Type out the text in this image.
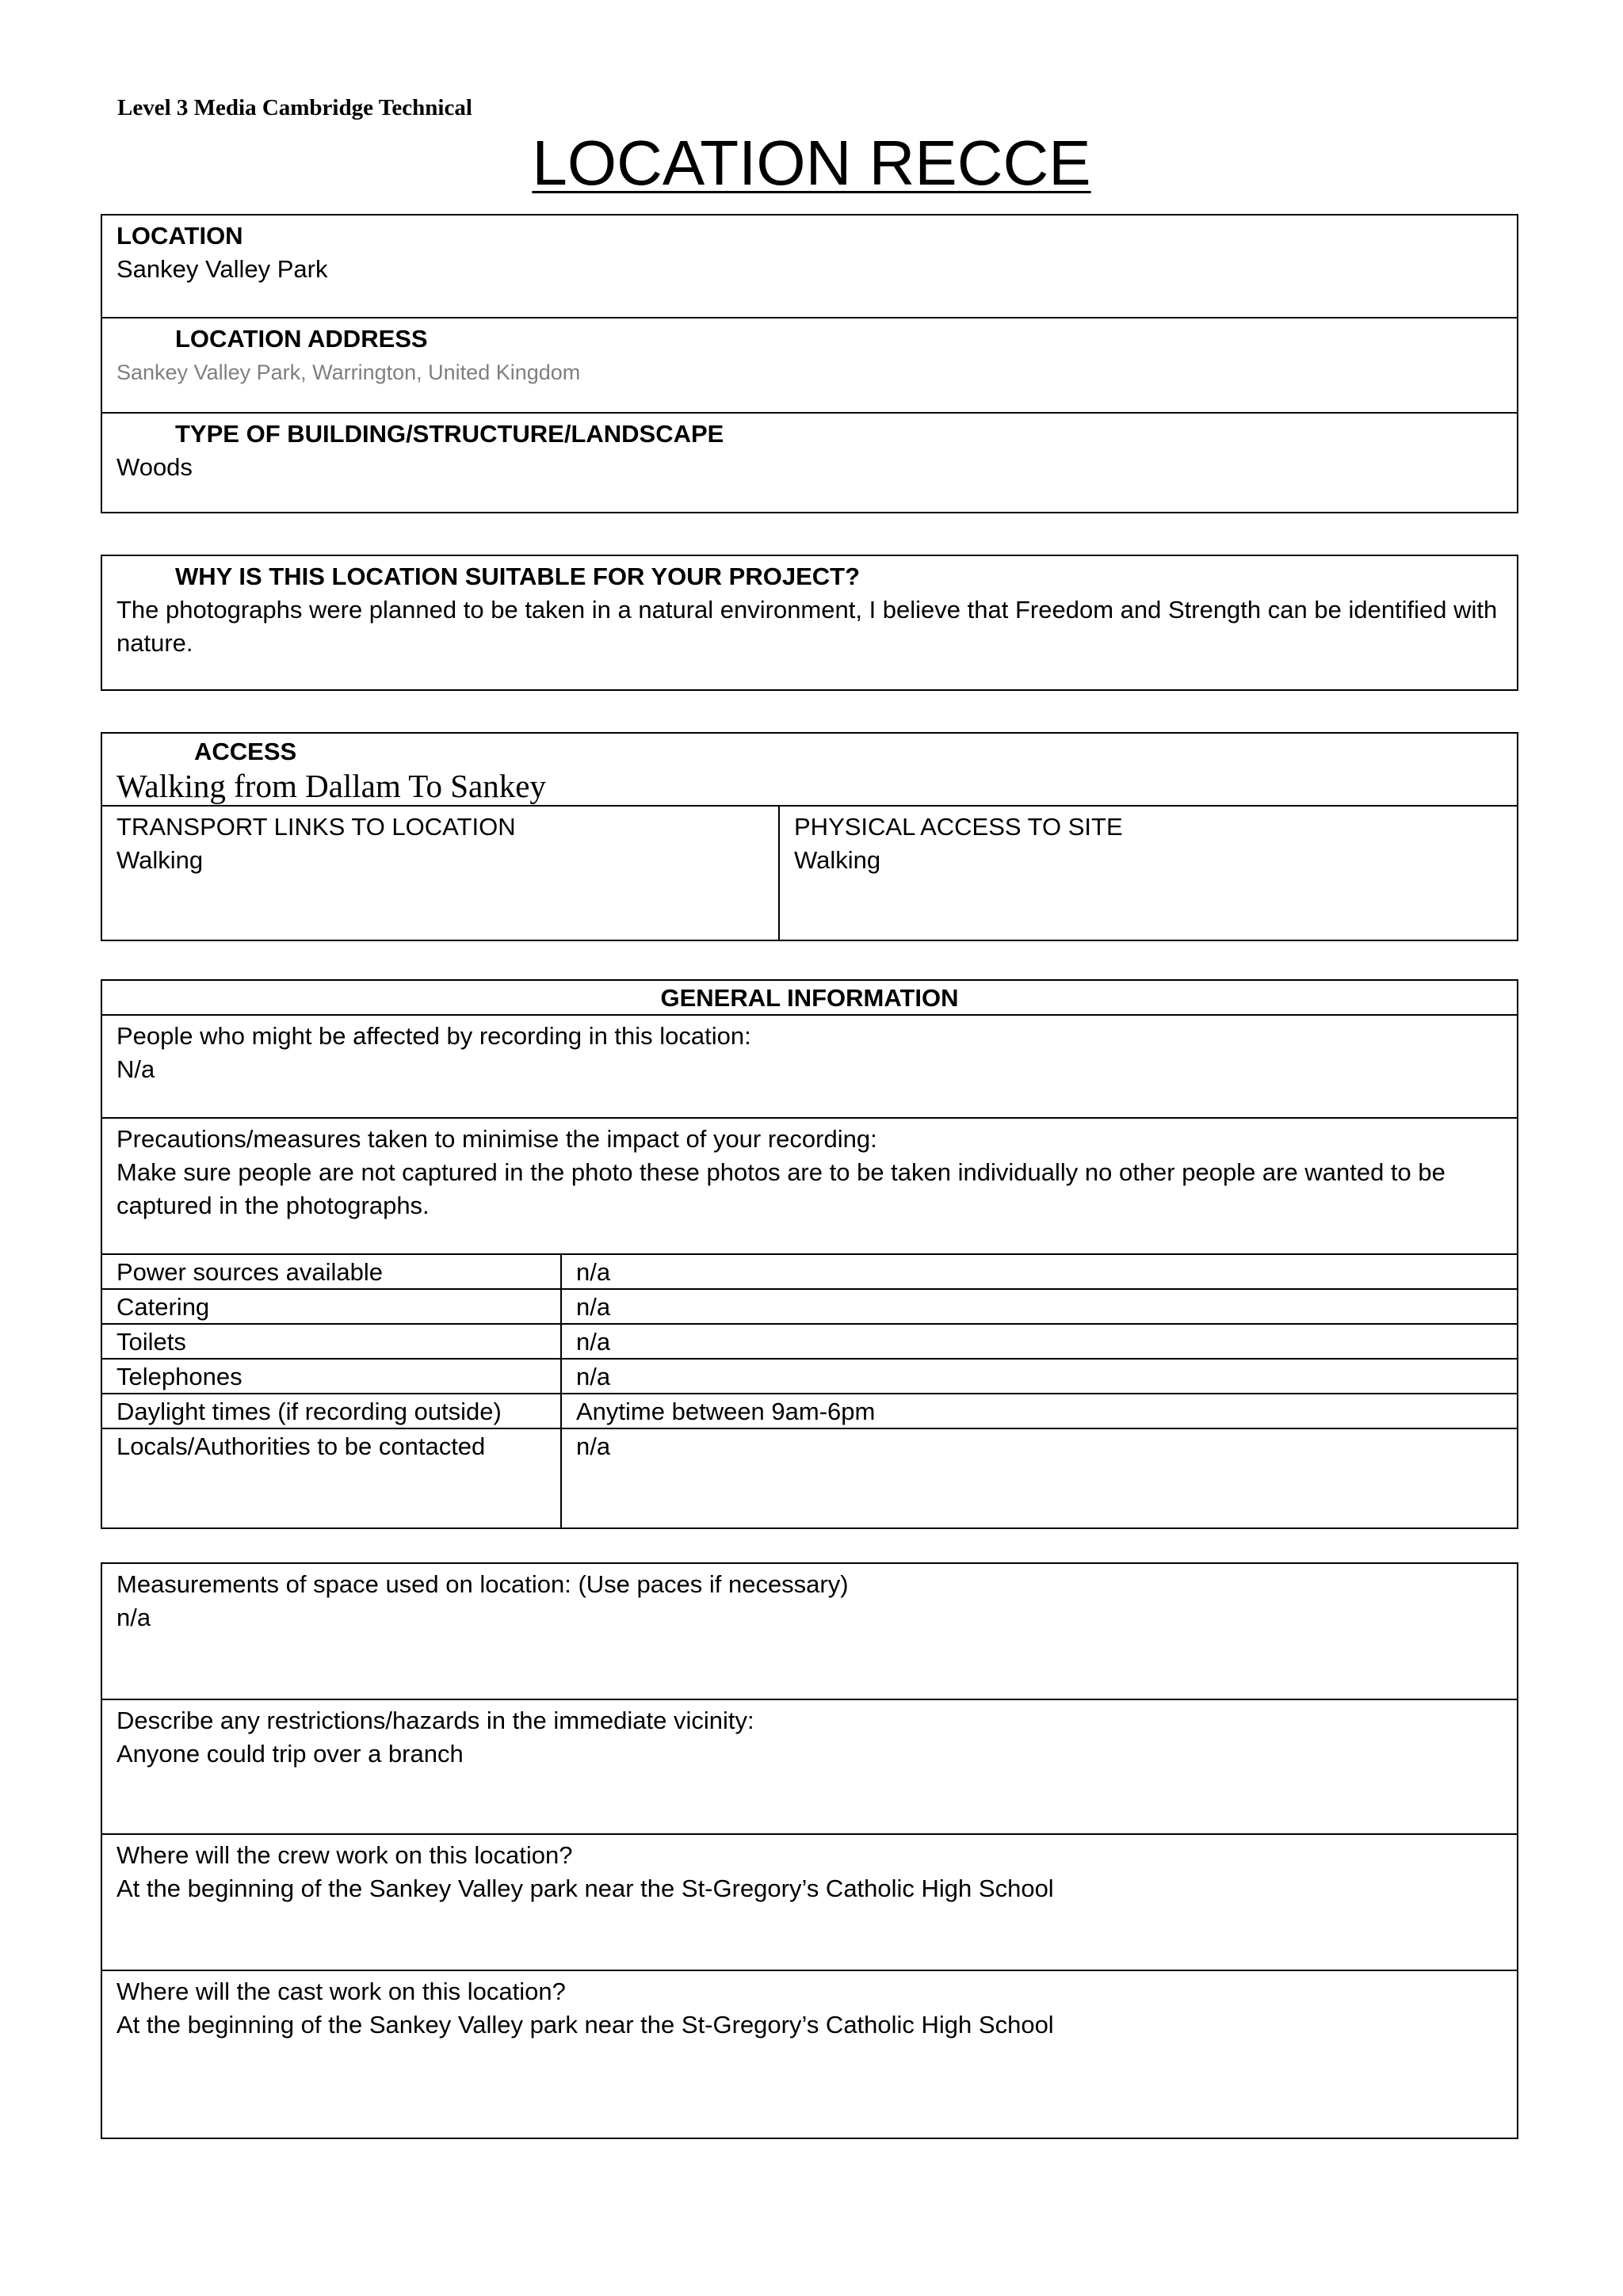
Level 3 Media Cambridge Technical
LOCATION RECCE
LOCATION
Sankey Valley Park
LOCATION ADDRESS
Sankey Valley Park, Warrington, United Kingdom
TYPE OF BUILDING/STRUCTURE/LANDSCAPE
Woods
WHY IS THIS LOCATION SUITABLE FOR YOUR PROJECT?
The photographs were planned to be taken in a natural environment, I believe that Freedom and Strength can be identified with nature.
ACCESS
Walking from Dallam To Sankey
TRANSPORT LINKS TO LOCATION
Walking
PHYSICAL ACCESS TO SITE
Walking
GENERAL INFORMATION
People who might be affected by recording in this location:
N/a
Precautions/measures taken to minimise the impact of your recording:
Make sure people are not captured in the photo these photos are to be taken individually no other people are wanted to be captured in the photographs.
Power sources available	n/a
Catering	n/a
Toilets	n/a
Telephones	n/a
Daylight times (if recording outside)	Anytime between 9am-6pm
Locals/Authorities to be contacted	n/a
Measurements of space used on location: (Use paces if necessary)
n/a
Describe any restrictions/hazards in the immediate vicinity:
Anyone could trip over a branch
Where will the crew work on this location?
At the beginning of the Sankey Valley park near the St-Gregory’s Catholic High School
Where will the cast work on this location?
At the beginning of the Sankey Valley park near the St-Gregory’s Catholic High School
